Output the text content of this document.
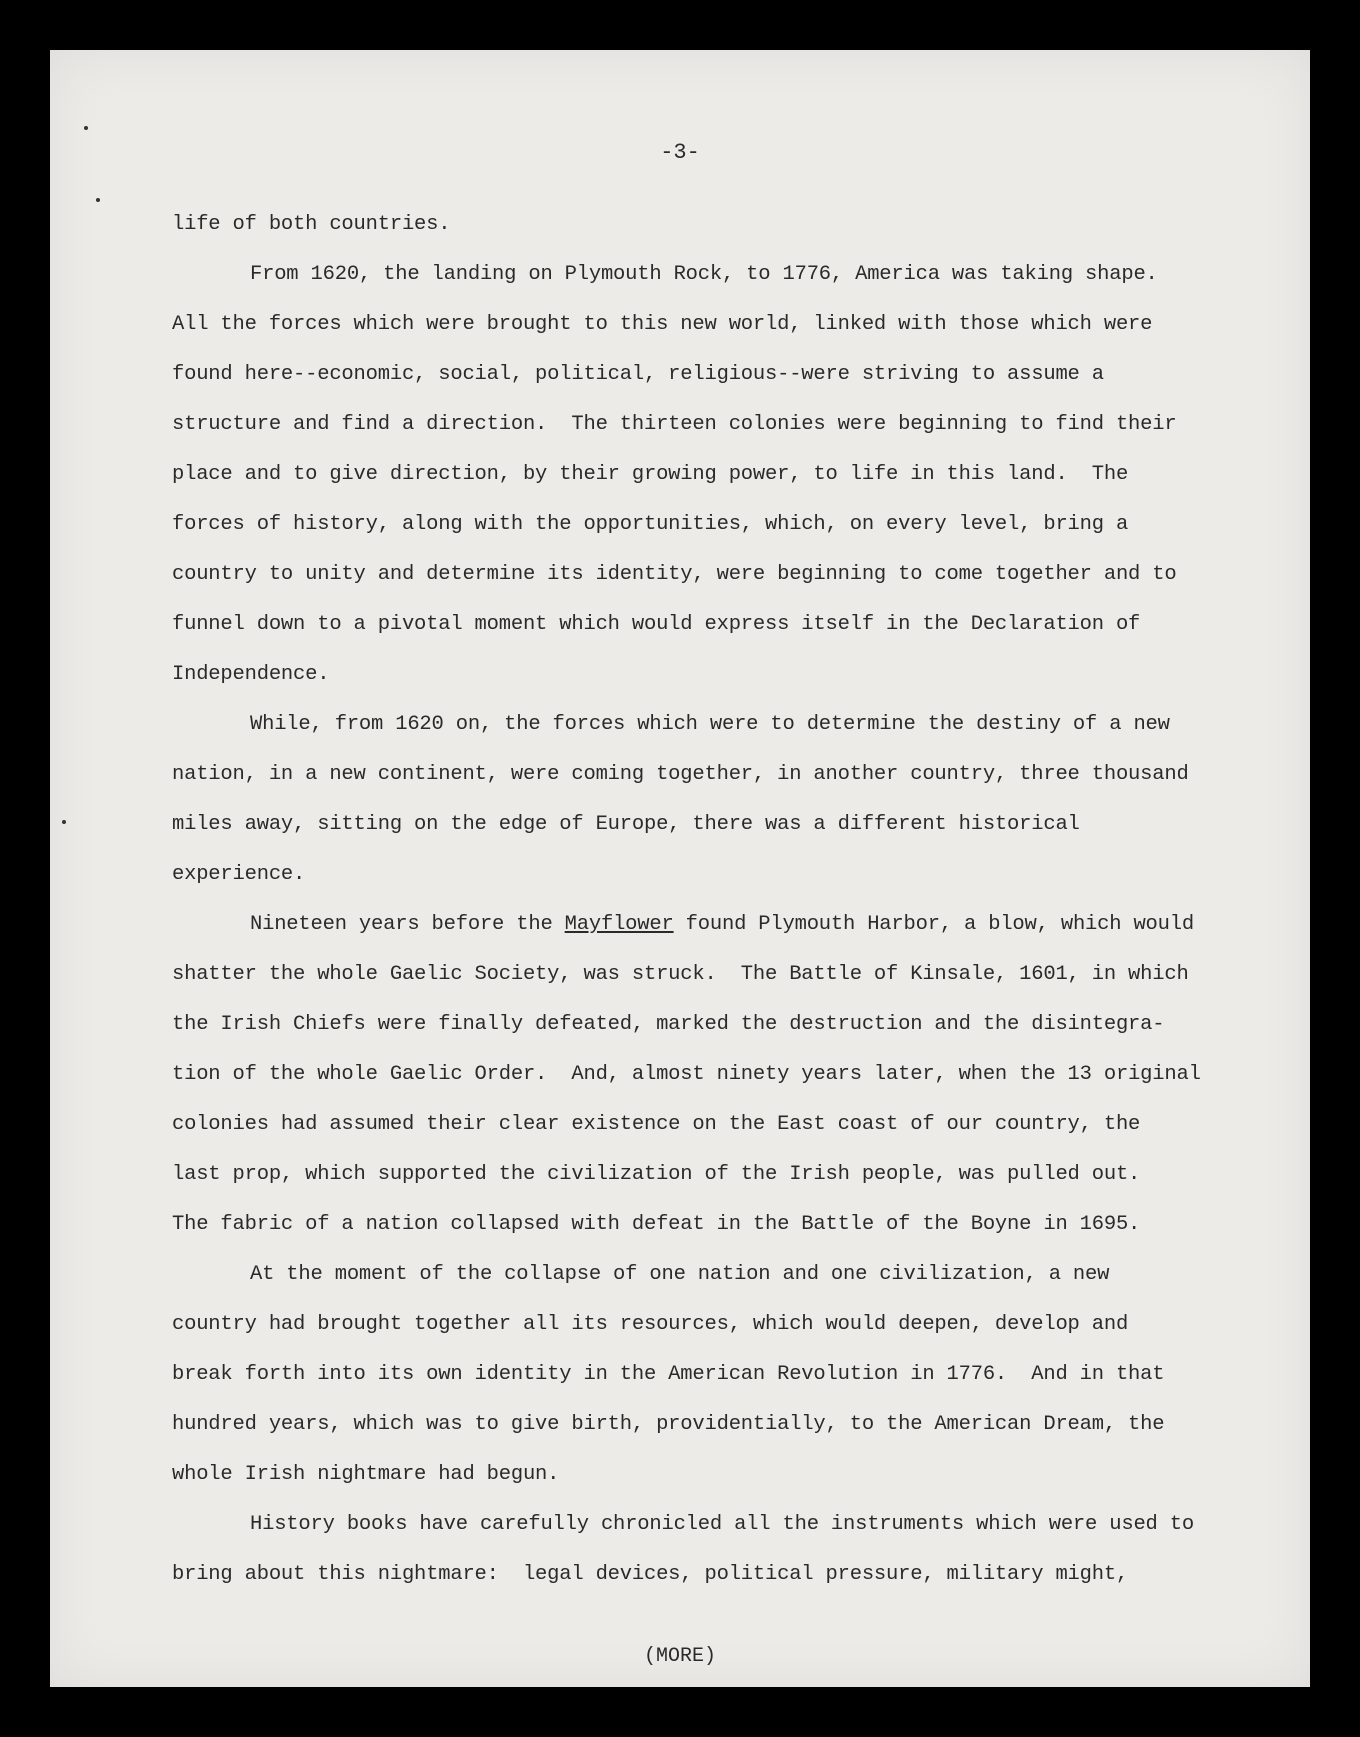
-3-
life of both countries.
From 1620, the landing on Plymouth Rock, to 1776, America was taking shape.
All the forces which were brought to this new world, linked with those which were
found here--economic, social, political, religious--were striving to assume a
structure and find a direction.  The thirteen colonies were beginning to find their
place and to give direction, by their growing power, to life in this land.  The
forces of history, along with the opportunities, which, on every level, bring a
country to unity and determine its identity, were beginning to come together and to
funnel down to a pivotal moment which would express itself in the Declaration of
Independence.
While, from 1620 on, the forces which were to determine the destiny of a new
nation, in a new continent, were coming together, in another country, three thousand
miles away, sitting on the edge of Europe, there was a different historical
experience.
Nineteen years before the Mayflower found Plymouth Harbor, a blow, which would
shatter the whole Gaelic Society, was struck.  The Battle of Kinsale, 1601, in which
the Irish Chiefs were finally defeated, marked the destruction and the disintegra-
tion of the whole Gaelic Order.  And, almost ninety years later, when the 13 original
colonies had assumed their clear existence on the East coast of our country, the
last prop, which supported the civilization of the Irish people, was pulled out.
The fabric of a nation collapsed with defeat in the Battle of the Boyne in 1695.
At the moment of the collapse of one nation and one civilization, a new
country had brought together all its resources, which would deepen, develop and
break forth into its own identity in the American Revolution in 1776.  And in that
hundred years, which was to give birth, providentially, to the American Dream, the
whole Irish nightmare had begun.
History books have carefully chronicled all the instruments which were used to
bring about this nightmare:  legal devices, political pressure, military might,
(MORE)
